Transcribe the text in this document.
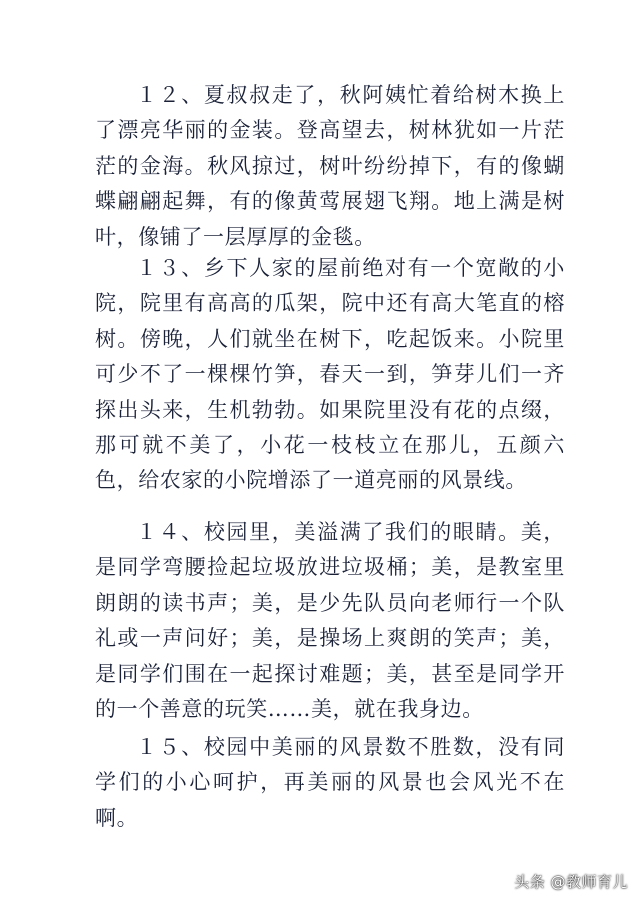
１２、夏叔叔走了，秋阿姨忙着给树木换上了漂亮华丽的金装。登高望去，树林犹如一片茫茫的金海。秋风掠过，树叶纷纷掉下，有的像蝴蝶翩翩起舞，有的像黄莺展翅飞翔。地上满是树叶，像铺了一层厚厚的金毯。

１３、乡下人家的屋前绝对有一个宽敞的小院，院里有高高的瓜架，院中还有高大笔直的榕树。傍晚，人们就坐在树下，吃起饭来。小院里可少不了一棵棵竹笋，春天一到，笋芽儿们一齐探出头来，生机勃勃。如果院里没有花的点缀，那可就不美了，小花一枝枝立在那儿，五颜六色，给农家的小院增添了一道亮丽的风景线。

１４、校园里，美溢满了我们的眼睛。美，是同学弯腰捡起垃圾放进垃圾桶；美，是教室里朗朗的读书声；美，是少先队员向老师行一个队礼或一声问好；美，是操场上爽朗的笑声；美，是同学们围在一起探讨难题；美，甚至是同学开的一个善意的玩笑……美，就在我身边。

１５、校园中美丽的风景数不胜数，没有同学们的小心呵护，再美丽的风景也会风光不在啊。

头条 @教师育儿
